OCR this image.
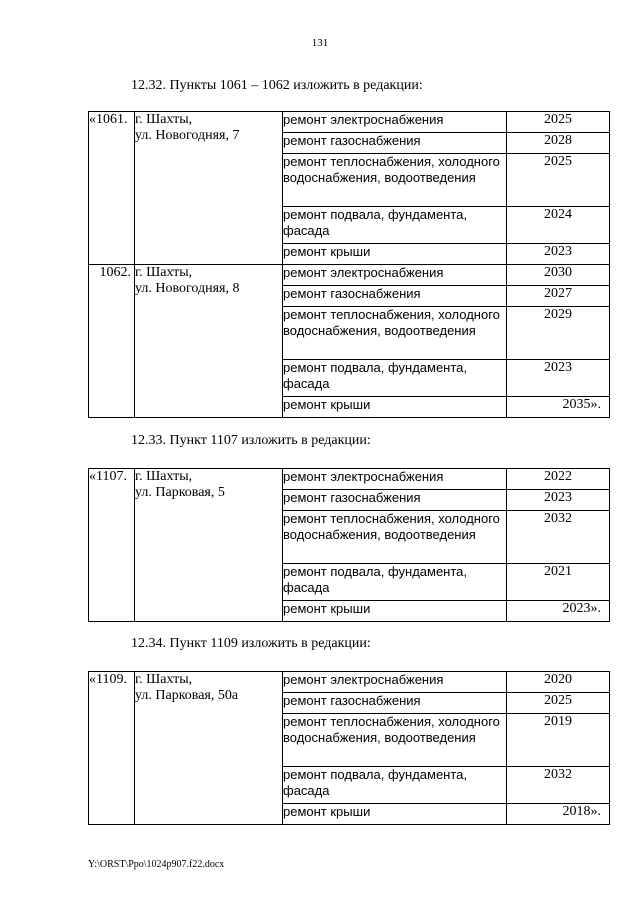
131
12.32. Пункты 1061 – 1062 изложить в редакции:
«1061.	г. Шахты,
ул. Новогодняя, 7	ремонт электроснабжения	2025
		ремонт газоснабжения	2028
		ремонт теплоснабжения, холодного водоснабжения, водоотведения	2025
		ремонт подвала, фундамента, фасада	2024
		ремонт крыши	2023
1062.	г. Шахты,
ул. Новогодняя, 8	ремонт электроснабжения	2030
		ремонт газоснабжения	2027
		ремонт теплоснабжения, холодного водоснабжения, водоотведения	2029
		ремонт подвала, фундамента, фасада	2023
		ремонт крыши	2035».
12.33. Пункт 1107 изложить в редакции:
«1107.	г. Шахты,
ул. Парковая, 5	ремонт электроснабжения	2022
		ремонт газоснабжения	2023
		ремонт теплоснабжения, холодного водоснабжения, водоотведения	2032
		ремонт подвала, фундамента, фасада	2021
		ремонт крыши	2023».
12.34. Пункт 1109 изложить в редакции:
«1109.	г. Шахты,
ул. Парковая, 50а	ремонт электроснабжения	2020
		ремонт газоснабжения	2025
		ремонт теплоснабжения, холодного водоснабжения, водоотведения	2019
		ремонт подвала, фундамента, фасада	2032
		ремонт крыши	2018».
Y:\ORST\Ppo\1024p907.f22.docx
